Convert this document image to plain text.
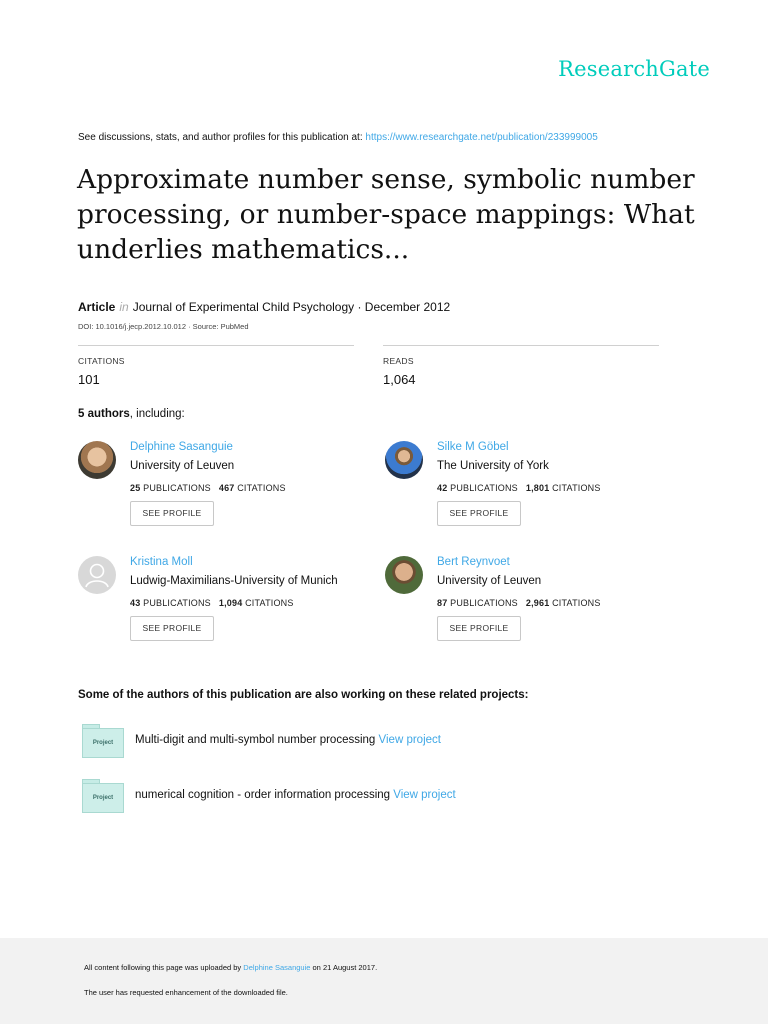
ResearchGate
See discussions, stats, and author profiles for this publication at: https://www.researchgate.net/publication/233999005
Approximate number sense, symbolic number processing, or number-space mappings: What underlies mathematics...
Article in Journal of Experimental Child Psychology · December 2012
DOI: 10.1016/j.jecp.2012.10.012 · Source: PubMed
CITATIONS
101
READS
1,064
5 authors, including:
Delphine Sasanguie
University of Leuven
25 PUBLICATIONS 467 CITATIONS
SEE PROFILE
Silke M Göbel
The University of York
42 PUBLICATIONS 1,801 CITATIONS
SEE PROFILE
Kristina Moll
Ludwig-Maximilians-University of Munich
43 PUBLICATIONS 1,094 CITATIONS
SEE PROFILE
Bert Reynvoet
University of Leuven
87 PUBLICATIONS 2,961 CITATIONS
SEE PROFILE
Some of the authors of this publication are also working on these related projects:
Project	Multi-digit and multi-symbol number processing View project
Project	numerical cognition - order information processing View project
All content following this page was uploaded by Delphine Sasanguie on 21 August 2017.
The user has requested enhancement of the downloaded file.
